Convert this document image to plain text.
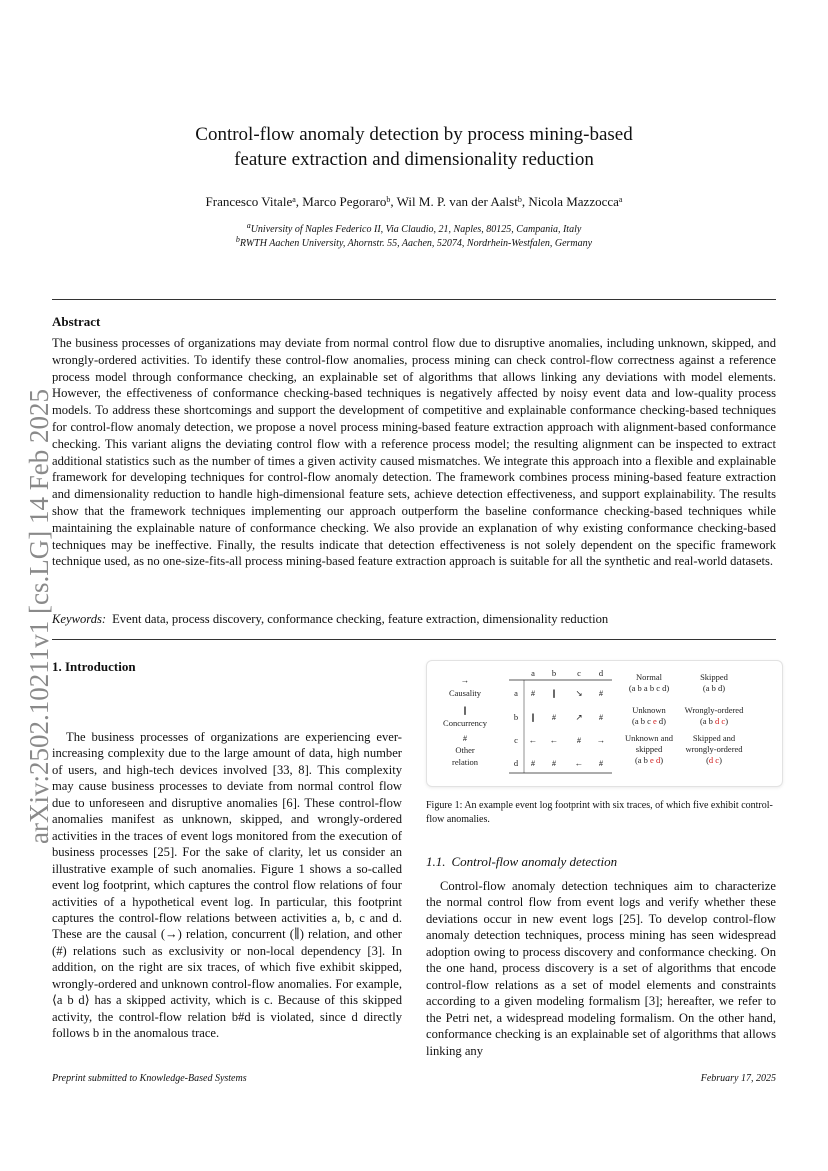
arXiv:2502.10211v1 [cs.LG] 14 Feb 2025
Control-flow anomaly detection by process mining-based
feature extraction and dimensionality reduction
Francesco Vitale$^a$, Marco Pegoraro$^b$, Wil M. P. van der Aalst$^b$, Nicola Mazzocca$^a$
$^a$University of Naples Federico II, Via Claudio, 21, Naples, 80125, Campania, Italy
$^b$RWTH Aachen University, Ahornstr. 55, Aachen, 52074, Nordrhein-Westfalen, Germany
Abstract
The business processes of organizations may deviate from normal control flow due to disruptive anomalies, including unknown, skipped, and wrongly-ordered activities. To identify these control-flow anomalies, process mining can check control-flow correctness against a reference process model through conformance checking, an explainable set of algorithms that allows linking any deviations with model elements. However, the effectiveness of conformance checking-based techniques is negatively affected by noisy event data and low-quality process models. To address these shortcomings and support the development of competitive and explainable conformance checking-based techniques for control-flow anomaly detection, we propose a novel process mining-based feature extraction approach with alignment-based conformance checking. This variant aligns the deviating control flow with a reference process model; the resulting alignment can be inspected to extract additional statistics such as the number of times a given activity caused mismatches. We integrate this approach into a flexible and explainable framework for developing techniques for control-flow anomaly detection. The framework combines process mining-based feature extraction and dimensionality reduction to handle high-dimensional feature sets, achieve detection effectiveness, and support explainability. The results show that the framework techniques implementing our approach outperform the baseline conformance checking-based techniques while maintaining the explainable nature of conformance checking. We also provide an explanation of why existing conformance checking-based techniques may be ineffective. Finally, the results indicate that detection effectiveness is not solely dependent on the specific framework technique used, as no one-size-fits-all process mining-based feature extraction approach is suitable for all the synthetic and real-world datasets.
Keywords: Event data, process discovery, conformance checking, feature extraction, dimensionality reduction
1. Introduction

The business processes of organizations are experiencing ever-increasing complexity due to the large amount of data, high number of users, and high-tech devices involved [33, 8]. This complexity may cause business processes to deviate from normal control flow due to unforeseen and disruptive anomalies [6]. These control-flow anomalies manifest as unknown, skipped, and wrongly-ordered activities in the traces of event logs monitored from the execution of business processes [25]. For the sake of clarity, let us consider an illustrative example of such anomalies. Figure 1 shows a so-called event log footprint, which captures the control flow relations of four activities of a hypothetical event log. In particular, this footprint captures the control-flow relations between activities a, b, c and d. These are the causal (→) relation, concurrent (∥) relation, and other (#) relations such as exclusivity or non-local dependency [3]. In addition, on the right are six traces, of which five exhibit skipped, wrongly-ordered and unknown control-flow anomalies. For example, ⟨a b d⟩ has a skipped activity, which is c. Because of this skipped activity, the control-flow relation b#d is violated, since d directly follows b in the anomalous trace.

→
Causality
∥
Concurrency
#
Other
relation
a b c d
a # ∥ ↘ #
b ∥ # ↗ #
c ← ← # →
d # # ← #
Normal
(a b a b c d)
Skipped
(a b d)
Unknown
(a b c e d)
Wrongly-ordered
(a b d c)
Unknown and
skipped
(a b e d)
Skipped and
wrongly-ordered
(d c)
Figure 1: An example event log footprint with six traces, of which five exhibit control-flow anomalies.
1.1. Control-flow anomaly detection

Control-flow anomaly detection techniques aim to characterize the normal control flow from event logs and verify whether these deviations occur in new event logs [25]. To develop control-flow anomaly detection techniques, process mining has seen widespread adoption owing to process discovery and conformance checking. On the one hand, process discovery is a set of algorithms that encode control-flow relations as a set of model elements and constraints according to a given modeling formalism [3]; hereafter, we refer to the Petri net, a widespread modeling formalism. On the other hand, conformance checking is an explainable set of algorithms that allows linking any

Preprint submitted to Knowledge-Based Systems	February 17, 2025
